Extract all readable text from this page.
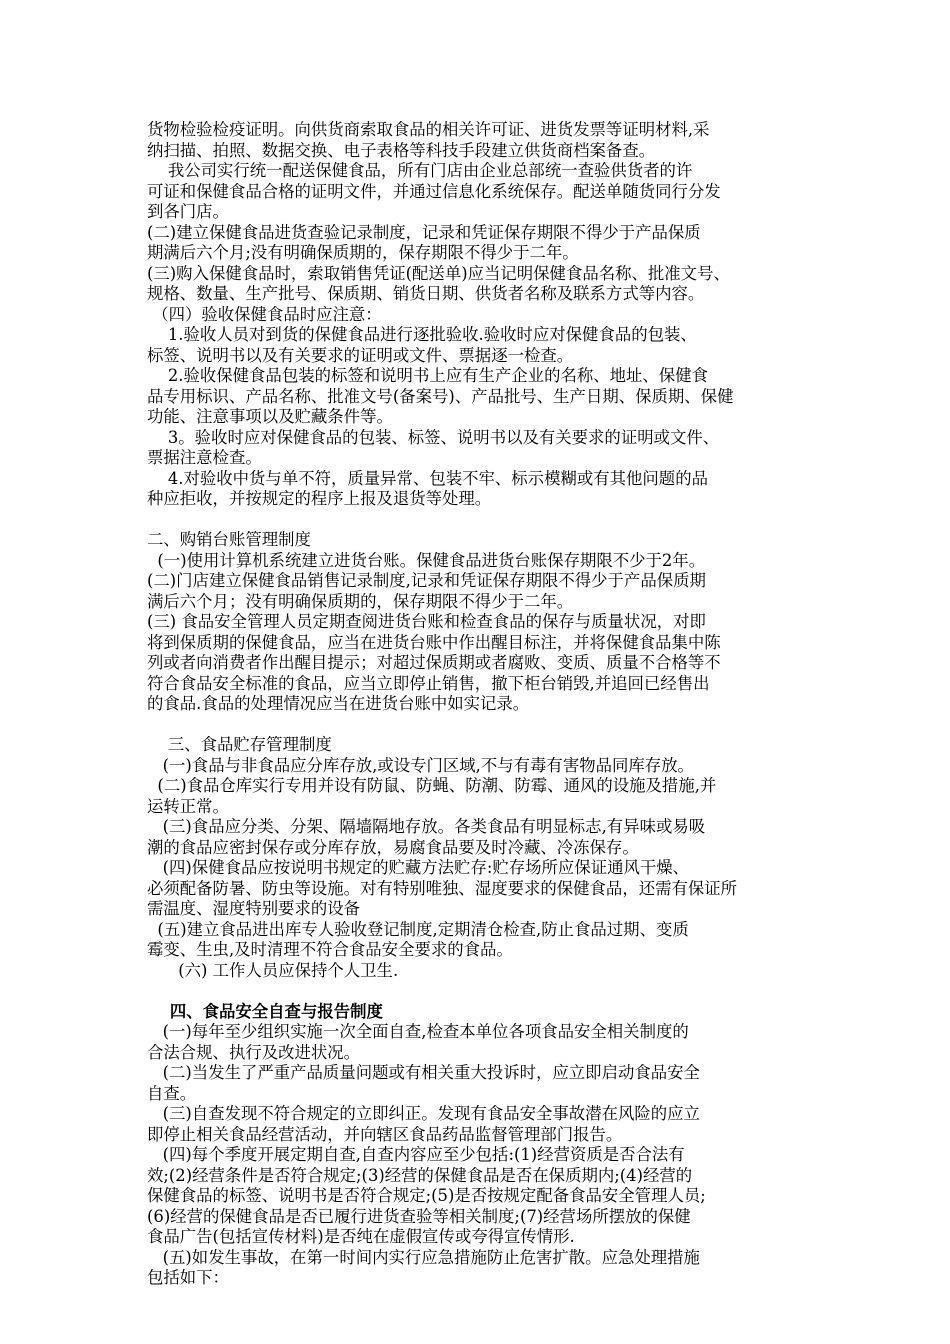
货物检验检疫证明。向供货商索取食品的相关许可证、进货发票等证明材料,采
纳扫描、拍照、数据交换、电子表格等科技手段建立供货商档案备查。
我公司实行统一配送保健食品，所有门店由企业总部统一查验供货者的许
可证和保健食品合格的证明文件，并通过信息化系统保存。配送单随货同行分发
到各门店。
(二)建立保健食品进货查验记录制度，记录和凭证保存期限不得少于产品保质
期满后六个月;没有明确保质期的，保存期限不得少于二年。
(三)购入保健食品时，索取销售凭证(配送单)应当记明保健食品名称、批准文号、
规格、数量、生产批号、保质期、销货日期、供货者名称及联系方式等内容。
（四）验收保健食品时应注意：
1.验收人员对到货的保健食品进行逐批验收.验收时应对保健食品的包装、
标签、说明书以及有关要求的证明或文件、票据逐一检查。
2.验收保健食品包装的标签和说明书上应有生产企业的名称、地址、保健食
品专用标识、产品名称、批准文号(备案号)、产品批号、生产日期、保质期、保健
功能、注意事项以及贮藏条件等。
3。验收时应对保健食品的包装、标签、说明书以及有关要求的证明或文件、
票据注意检查。
4.对验收中货与单不符，质量异常、包装不牢、标示模糊或有其他问题的品
种应拒收，并按规定的程序上报及退货等处理。
二、购销台账管理制度
(一)使用计算机系统建立进货台账。保健食品进货台账保存期限不少于2年。
(二)门店建立保健食品销售记录制度,记录和凭证保存期限不得少于产品保质期
满后六个月；没有明确保质期的，保存期限不得少于二年。
(三) 食品安全管理人员定期查阅进货台账和检查食品的保存与质量状况，对即
将到保质期的保健食品，应当在进货台账中作出醒目标注，并将保健食品集中陈
列或者向消费者作出醒目提示；对超过保质期或者腐败、变质、质量不合格等不
符合食品安全标准的食品，应当立即停止销售，撤下柜台销毁,并追回已经售出
的食品.食品的处理情况应当在进货台账中如实记录。
三、食品贮存管理制度
(一)食品与非食品应分库存放,或设专门区域,不与有毒有害物品同库存放。
(二)食品仓库实行专用并设有防鼠、防蝇、防潮、防霉、通风的设施及措施,并
运转正常。
(三)食品应分类、分架、隔墙隔地存放。各类食品有明显标志,有异味或易吸
潮的食品应密封保存或分库存放，易腐食品要及时冷藏、冷冻保存。
(四)保健食品应按说明书规定的贮藏方法贮存:贮存场所应保证通风干燥、
必须配备防暑、防虫等设施。对有特别唯独、湿度要求的保健食品，还需有保证所
需温度、湿度特别要求的设备
(五)建立食品进出库专人验收登记制度,定期清仓检查,防止食品过期、变质
霉变、生虫,及时清理不符合食品安全要求的食品。
(六) 工作人员应保持个人卫生.
四、食品安全自查与报告制度
(一)每年至少组织实施一次全面自查,检查本单位各项食品安全相关制度的
合法合规、执行及改进状况。
(二)当发生了严重产品质量问题或有相关重大投诉时，应立即启动食品安全
自查。
(三)自查发现不符合规定的立即纠正。发现有食品安全事故潜在风险的应立
即停止相关食品经营活动，并向辖区食品药品监督管理部门报告。
(四)每个季度开展定期自查,自查内容应至少包括:(1)经营资质是否合法有
效;(2)经营条件是否符合规定;(3)经营的保健食品是否在保质期内;(4)经营的
保健食品的标签、说明书是否符合规定;(5)是否按规定配备食品安全管理人员;
(6)经营的保健食品是否已履行进货查验等相关制度;(7)经营场所摆放的保健
食品广告(包括宣传材料)是否纯在虚假宣传或夸得宣传情形.
(五)如发生事故，在第一时间内实行应急措施防止危害扩散。应急处理措施
包括如下：
